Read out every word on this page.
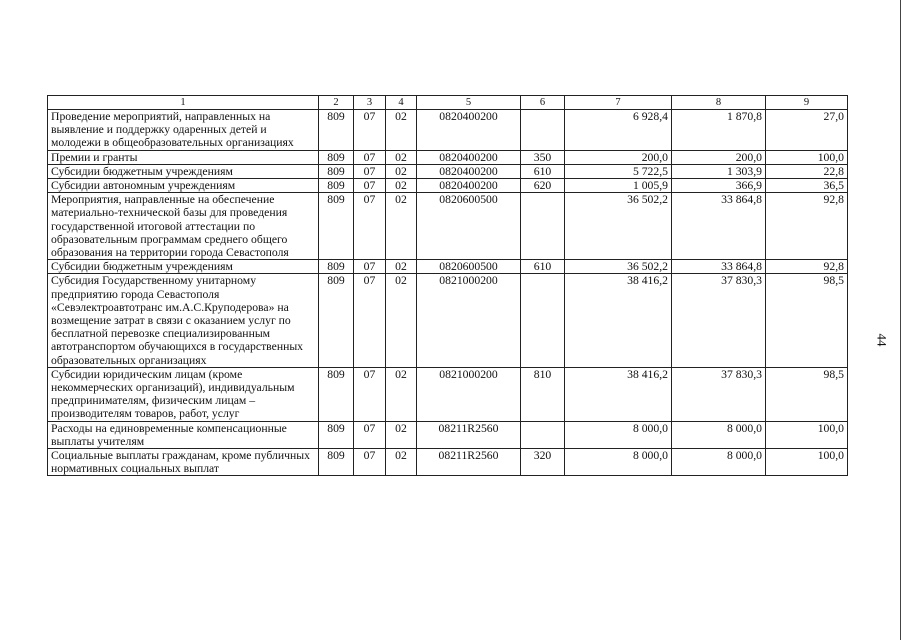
44
1	2	3	4	5	6	7	8	9
Проведение мероприятий, направленных на выявление и поддержку одаренных детей и молодежи в общеобразовательных организациях	809	07	02	0820400200		6 928,4	1 870,8	27,0
Премии и гранты	809	07	02	0820400200	350	200,0	200,0	100,0
Субсидии бюджетным учреждениям	809	07	02	0820400200	610	5 722,5	1 303,9	22,8
Субсидии автономным учреждениям	809	07	02	0820400200	620	1 005,9	366,9	36,5
Мероприятия, направленные на обеспечение материально-технической базы для проведения государственной итоговой аттестации по образовательным программам среднего общего образования на территории города Севастополя	809	07	02	0820600500		36 502,2	33 864,8	92,8
Субсидии бюджетным учреждениям	809	07	02	0820600500	610	36 502,2	33 864,8	92,8
Субсидия Государственному унитарному предприятию города Севастополя «Севэлектроавтотранс им.А.С.Круподерова» на возмещение затрат в связи с оказанием услуг по бесплатной перевозке специализированным автотранспортом обучающихся в государственных образовательных организациях	809	07	02	0821000200		38 416,2	37 830,3	98,5
Субсидии юридическим лицам (кроме некоммерческих организаций), индивидуальным предпринимателям, физическим лицам – производителям товаров, работ, услуг	809	07	02	0821000200	810	38 416,2	37 830,3	98,5
Расходы на единовременные компенсационные выплаты учителям	809	07	02	08211R2560		8 000,0	8 000,0	100,0
Социальные выплаты гражданам, кроме публичных нормативных социальных выплат	809	07	02	08211R2560	320	8 000,0	8 000,0	100,0
